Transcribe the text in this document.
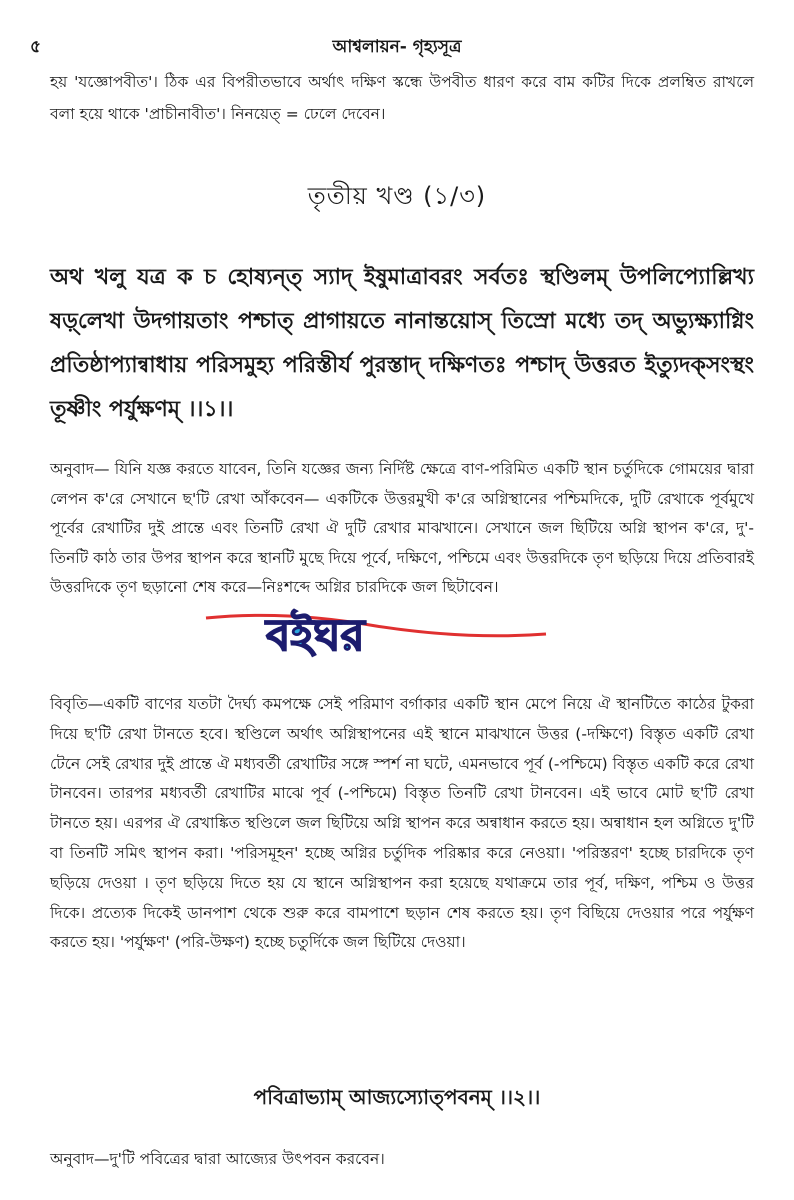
৫	আশ্বলায়ন- গৃহ্যসূত্র
হয় 'যজ্ঞোপবীত'। ঠিক এর বিপরীতভাবে অর্থাৎ দক্ষিণ স্কন্ধে উপবীত ধারণ করে বাম কটির দিকে প্রলম্বিত রাখলে বলা হয়ে থাকে 'প্রাচীনাবীত'। নিনয়েত্ = ঢেলে দেবেন।
তৃতীয় খণ্ড (১/৩)
অথ খলু যত্র ক চ হোষ্যন্ত্ স্যাদ্ ইষুমাত্রাবরং সর্বতঃ স্থণ্ডিলম্ উপলিপ্যোল্লিখ্য ষড়্‌লেখা উদগায়তাং পশ্চাত্ প্রাগায়তে নানান্তয়োস্ তিস্রো মধ্যে তদ্ অভ্যুক্ষ্যাগ্নিং প্রতিষ্ঠাপ্যান্বাধায় পরিসমুহ্য পরিস্তীর্য পুরস্তাদ্ দক্ষিণতঃ পশ্চাদ্ উত্তরত ইত্যুদক্‌সংস্থং তূষ্ণীং পর্যুক্ষণম্ ।।১।।
অনুবাদ— যিনি যজ্ঞ করতে যাবেন, তিনি যজ্ঞের জন্য নির্দিষ্ট ক্ষেত্রে বাণ-পরিমিত একটি স্থান চর্তুদিকে গোময়ের দ্বারা লেপন ক'রে সেখানে ছ'টি রেখা আঁকবেন— একটিকে উত্তরমুখী ক'রে অগ্নিস্থানের পশ্চিমদিকে, দুটি রেখাকে পূর্বমুখে পূর্বের রেখাটির দুই প্রান্তে এবং তিনটি রেখা ঐ দুটি রেখার মাঝখানে। সেখানে জল ছিটিয়ে অগ্নি স্থাপন ক'রে, দু'-তিনটি কাঠ তার উপর স্থাপন করে স্থানটি মুছে দিয়ে পূর্বে, দক্ষিণে, পশ্চিমে এবং উত্তরদিকে তৃণ ছড়িয়ে দিয়ে প্রতিবারই উত্তরদিকে তৃণ ছড়ানো শেষ করে—নিঃশব্দে অগ্নির চারদিকে জল ছিটাবেন।
বিবৃতি—একটি বাণের যতটা দৈর্ঘ্য কমপক্ষে সেই পরিমাণ বর্গাকার একটি স্থান মেপে নিয়ে ঐ স্থানটিতে কাঠের টুকরা দিয়ে ছ'টি রেখা টানতে হবে। স্থণ্ডিলে অর্থাৎ অগ্নিস্থাপনের এই স্থানে মাঝখানে উত্তর (-দক্ষিণে) বিস্তৃত একটি রেখা টেনে সেই রেখার দুই প্রান্তে ঐ মধ্যবর্তী রেখাটির সঙ্গে স্পর্শ না ঘটে, এমনভাবে পূর্ব (-পশ্চিমে) বিস্তৃত একটি করে রেখা টানবেন। তারপর মধ্যবর্তী রেখাটির মাঝে পূর্ব (-পশ্চিমে) বিস্তৃত তিনটি রেখা টানবেন। এই ভাবে মোট ছ'টি রেখা টানতে হয়। এরপর ঐ রেখাঙ্কিত স্থণ্ডিলে জল ছিটিয়ে অগ্নি স্থাপন করে অন্বাধান করতে হয়। অন্বাধান হল অগ্নিতে দু'টি বা তিনটি সমিৎ স্থাপন করা। 'পরিসমূহন' হচ্ছে অগ্নির চর্তুদিক পরিষ্কার করে নেওয়া। 'পরিস্তরণ' হচ্ছে চারদিকে তৃণ ছড়িয়ে দেওয়া । তৃণ ছড়িয়ে দিতে হয় যে স্থানে অগ্নিস্থাপন করা হয়েছে যথাক্রমে তার পূর্ব, দক্ষিণ, পশ্চিম ও উত্তর দিকে। প্রত্যেক দিকেই ডানপাশ থেকে শুরু করে বামপাশে ছড়ান শেষ করতে হয়। তৃণ বিছিয়ে দেওয়ার পরে পর্যুক্ষণ করতে হয়। 'পর্যুক্ষণ' (পরি-উক্ষণ) হচ্ছে চতুর্দিকে জল ছিটিয়ে দেওয়া।
পবিত্রাভ্যাম্ আজ্যস্যোত্‌পবনম্ ।।২।।
অনুবাদ—দু'টি পবিত্রের দ্বারা আজ্যের উৎপবন করবেন।
বইঘর
